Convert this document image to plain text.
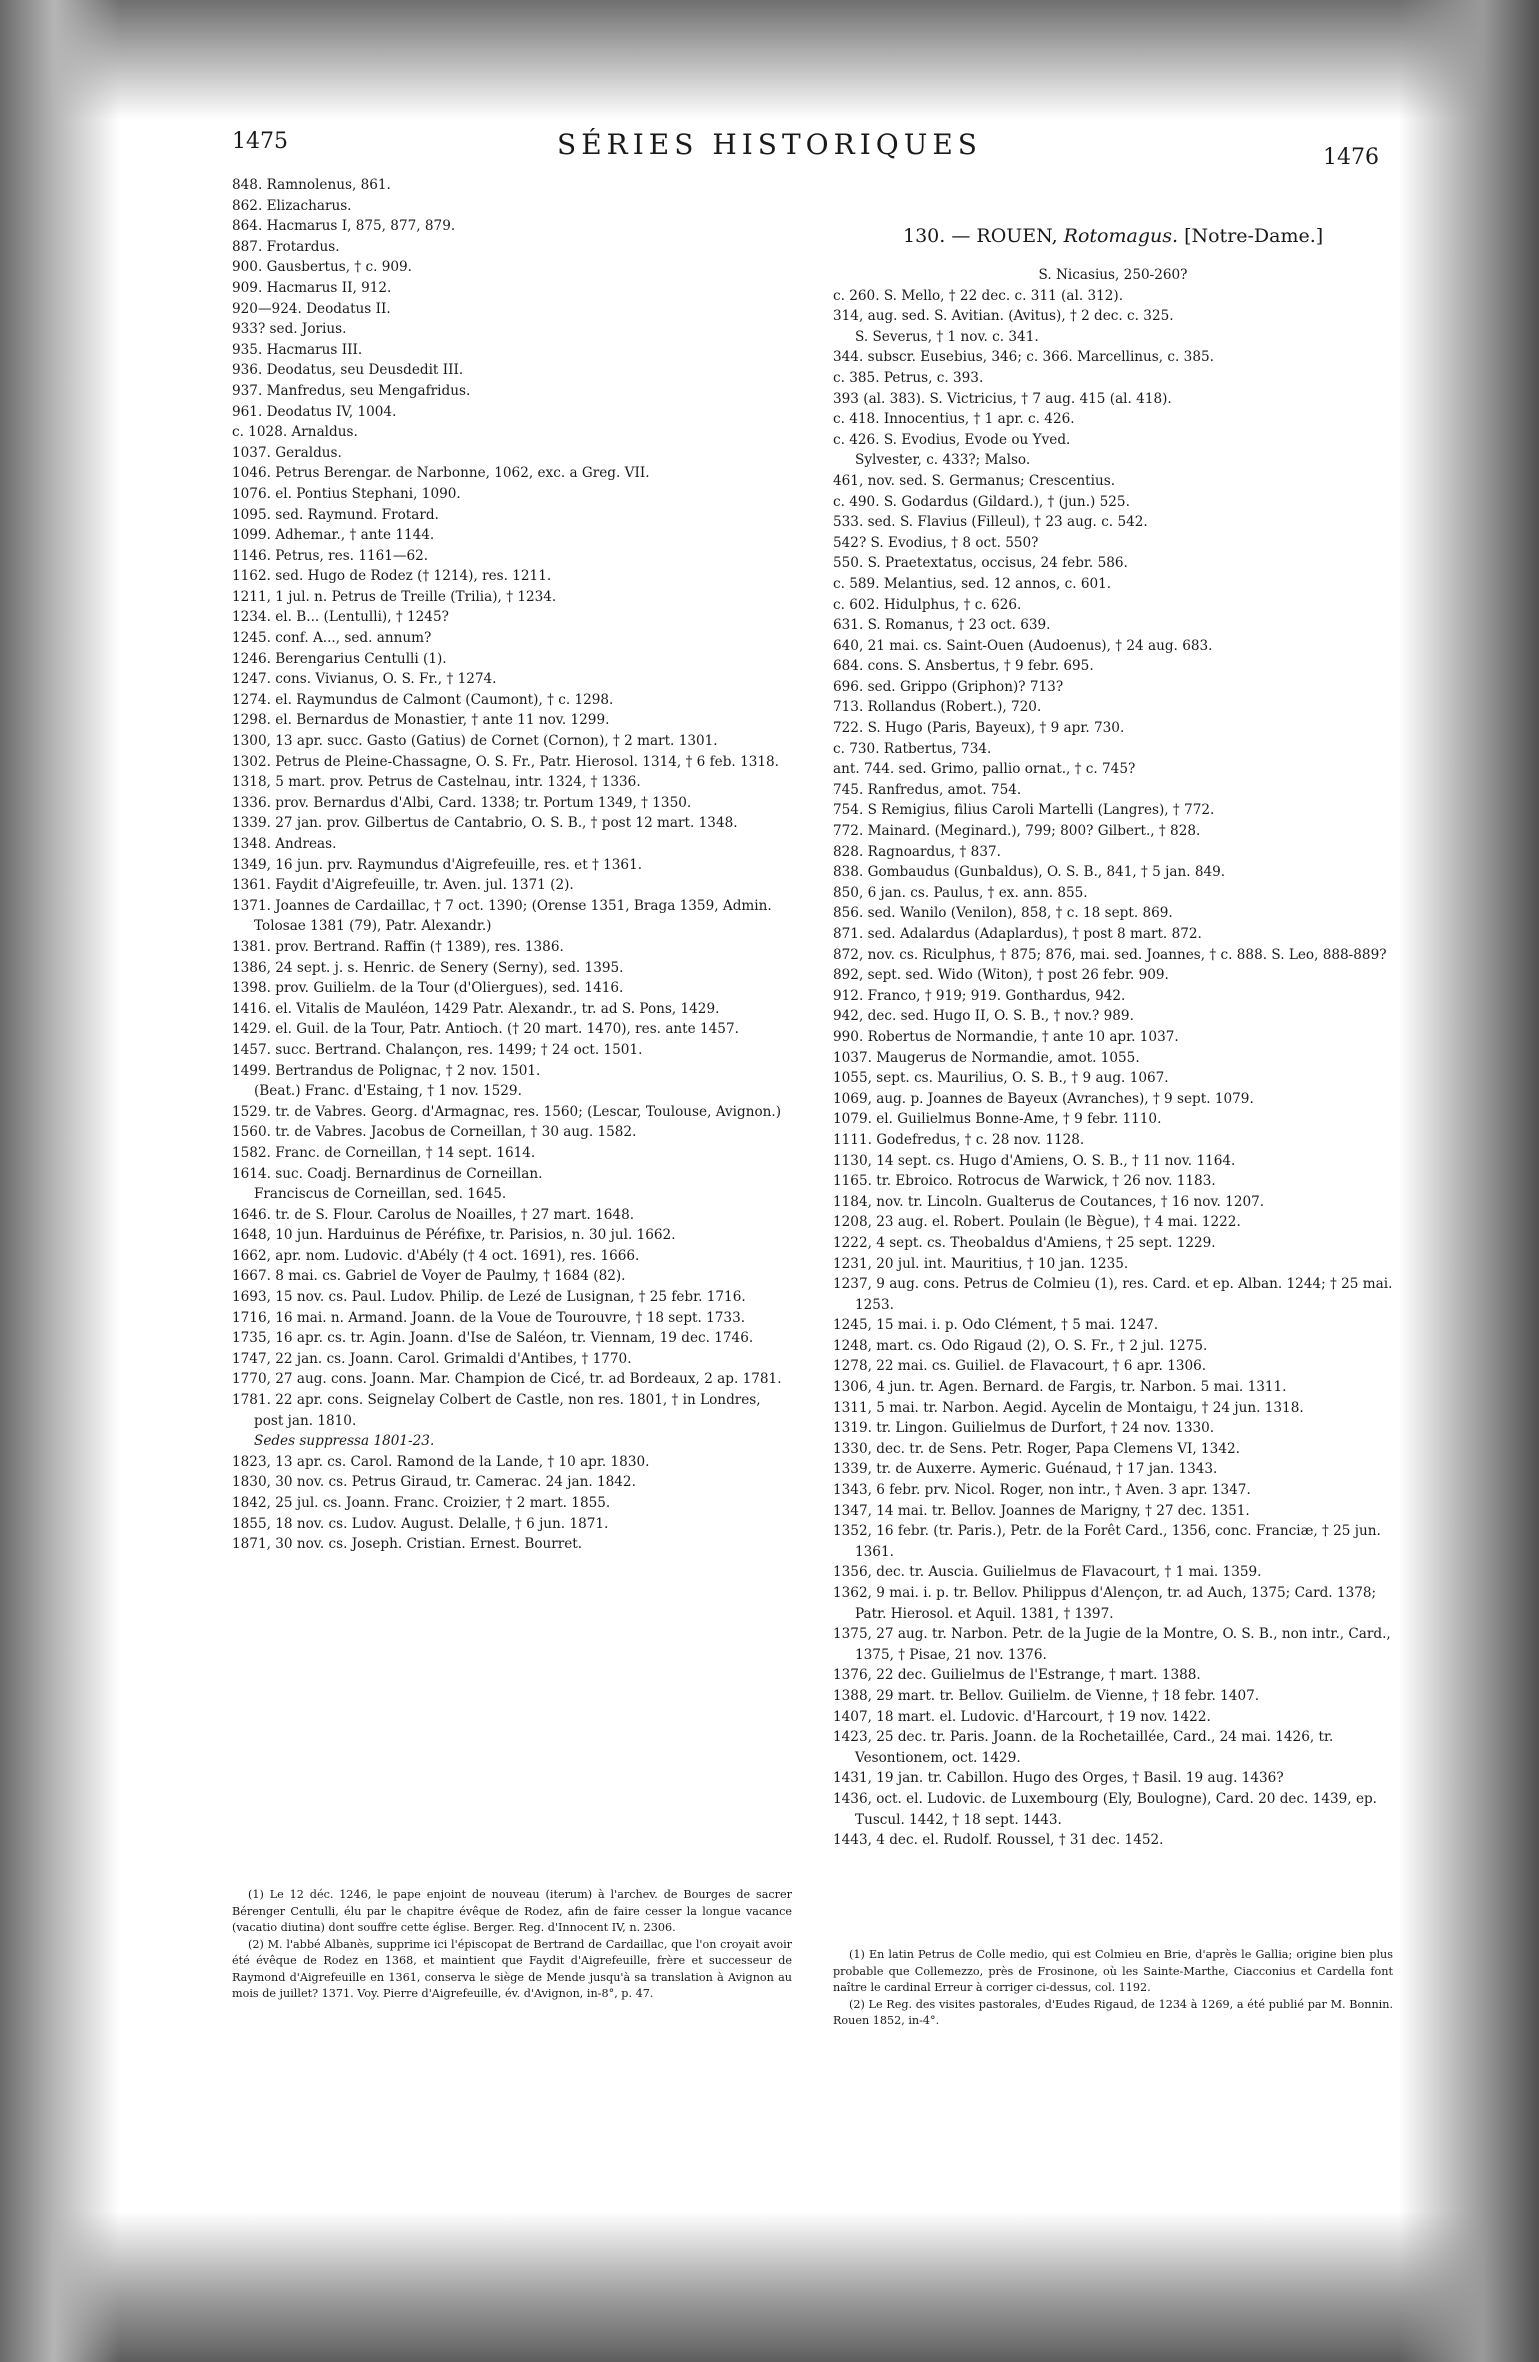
1475	SÉRIES HISTORIQUES	1476
848. Ramnolenus, 861.
862. Elizacharus.
864. Hacmarus I, 875, 877, 879.
887. Frotardus.
900. Gausbertus, † c. 909.
909. Hacmarus II, 912.
920—924. Deodatus II.
933? sed. Jorius.
935. Hacmarus III.
936. Deodatus, seu Deusdedit III.
937. Manfredus, seu Mengafridus.
961. Deodatus IV, 1004.
c. 1028. Arnaldus.
1037. Geraldus.
1046. Petrus Berengar. de Narbonne, 1062, exc. a Greg. VII.
1076. el. Pontius Stephani, 1090.
1095. sed. Raymund. Frotard.
1099. Adhemar., † ante 1144.
1146. Petrus, res. 1161—62.
1162. sed. Hugo de Rodez († 1214), res. 1211.
1211, 1 jul. n. Petrus de Treille (Trilia), † 1234.
1234. el. B... (Lentulli), † 1245?
1245. conf. A..., sed. annum?
1246. Berengarius Centulli (1).
1247. cons. Vivianus, O. S. Fr., † 1274.
1274. el. Raymundus de Calmont (Caumont), † c. 1298.
1298. el. Bernardus de Monastier, † ante 11 nov. 1299.
1300, 13 apr. succ. Gasto (Gatius) de Cornet (Cornon), † 2 mart. 1301.
1302. Petrus de Pleine-Chassagne, O. S. Fr., Patr. Hierosol. 1314, † 6 feb. 1318.
1318, 5 mart. prov. Petrus de Castelnau, intr. 1324, † 1336.
1336. prov. Bernardus d'Albi, Card. 1338; tr. Portum 1349, † 1350.
1339. 27 jan. prov. Gilbertus de Cantabrio, O. S. B., † post 12 mart. 1348.
1348. Andreas.
1349, 16 jun. prv. Raymundus d'Aigrefeuille, res. et † 1361.
1361. Faydit d'Aigrefeuille, tr. Aven. jul. 1371 (2).
1371. Joannes de Cardaillac, † 7 oct. 1390; (Orense 1351, Braga 1359, Admin. Tolosae 1381 (79), Patr. Alexandr.)
1381. prov. Bertrand. Raffin († 1389), res. 1386.
1386, 24 sept. j. s. Henric. de Senery (Serny), sed. 1395.
1398. prov. Guilielm. de la Tour (d'Oliergues), sed. 1416.
1416. el. Vitalis de Mauléon, 1429 Patr. Alexandr., tr. ad S. Pons, 1429.
1429. el. Guil. de la Tour, Patr. Antioch. († 20 mart. 1470), res. ante 1457.
1457. succ. Bertrand. Chalançon, res. 1499; † 24 oct. 1501.
1499. Bertrandus de Polignac, † 2 nov. 1501.
(Beat.) Franc. d'Estaing, † 1 nov. 1529.
1529. tr. de Vabres. Georg. d'Armagnac, res. 1560; (Lescar, Toulouse, Avignon.)
1560. tr. de Vabres. Jacobus de Corneillan, † 30 aug. 1582.
1582. Franc. de Corneillan, † 14 sept. 1614.
1614. suc. Coadj. Bernardinus de Corneillan.
Franciscus de Corneillan, sed. 1645.
1646. tr. de S. Flour. Carolus de Noailles, † 27 mart. 1648.
1648, 10 jun. Harduinus de Péréfixe, tr. Parisios, n. 30 jul. 1662.
1662, apr. nom. Ludovic. d'Abély († 4 oct. 1691), res. 1666.
1667. 8 mai. cs. Gabriel de Voyer de Paulmy, † 1684 (82).
1693, 15 nov. cs. Paul. Ludov. Philip. de Lezé de Lusignan, † 25 febr. 1716.
1716, 16 mai. n. Armand. Joann. de la Voue de Tourouvre, † 18 sept. 1733.
1735, 16 apr. cs. tr. Agin. Joann. d'Ise de Saléon, tr. Viennam, 19 dec. 1746.
1747, 22 jan. cs. Joann. Carol. Grimaldi d'Antibes, † 1770.
1770, 27 aug. cons. Joann. Mar. Champion de Cicé, tr. ad Bordeaux, 2 ap. 1781.
1781. 22 apr. cons. Seignelay Colbert de Castle, non res. 1801, † in Londres, post jan. 1810.
Sedes suppressa 1801-23.
1823, 13 apr. cs. Carol. Ramond de la Lande, † 10 apr. 1830.
1830, 30 nov. cs. Petrus Giraud, tr. Camerac. 24 jan. 1842.
1842, 25 jul. cs. Joann. Franc. Croizier, † 2 mart. 1855.
1855, 18 nov. cs. Ludov. August. Delalle, † 6 jun. 1871.
1871, 30 nov. cs. Joseph. Cristian. Ernest. Bourret.
130. — ROUEN, Rotomagus. [Notre-Dame.]
S. Nicasius, 250-260?
c. 260. S. Mello, † 22 dec. c. 311 (al. 312).
314, aug. sed. S. Avitian. (Avitus), † 2 dec. c. 325.
S. Severus, † 1 nov. c. 341.
344. subscr. Eusebius, 346; c. 366. Marcellinus, c. 385.
c. 385. Petrus, c. 393.
393 (al. 383). S. Victricius, † 7 aug. 415 (al. 418).
c. 418. Innocentius, † 1 apr. c. 426.
c. 426. S. Evodius, Evode ou Yved.
Sylvester, c. 433?; Malso.
461, nov. sed. S. Germanus; Crescentius.
c. 490. S. Godardus (Gildard.), † (jun.) 525.
533. sed. S. Flavius (Filleul), † 23 aug. c. 542.
542? S. Evodius, † 8 oct. 550?
550. S. Praetextatus, occisus, 24 febr. 586.
c. 589. Melantius, sed. 12 annos, c. 601.
c. 602. Hidulphus, † c. 626.
631. S. Romanus, † 23 oct. 639.
640, 21 mai. cs. Saint-Ouen (Audoenus), † 24 aug. 683.
684. cons. S. Ansbertus, † 9 febr. 695.
696. sed. Grippo (Griphon)? 713?
713. Rollandus (Robert.), 720.
722. S. Hugo (Paris, Bayeux), † 9 apr. 730.
c. 730. Ratbertus, 734.
ant. 744. sed. Grimo, pallio ornat., † c. 745?
745. Ranfredus, amot. 754.
754. S Remigius, filius Caroli Martelli (Langres), † 772.
772. Mainard. (Meginard.), 799; 800? Gilbert., † 828.
828. Ragnoardus, † 837.
838. Gombaudus (Gunbaldus), O. S. B., 841, † 5 jan. 849.
850, 6 jan. cs. Paulus, † ex. ann. 855.
856. sed. Wanilo (Venilon), 858, † c. 18 sept. 869.
871. sed. Adalardus (Adaplardus), † post 8 mart. 872.
872, nov. cs. Riculphus, † 875; 876, mai. sed. Joannes, † c. 888. S. Leo, 888-889?
892, sept. sed. Wido (Witon), † post 26 febr. 909.
912. Franco, † 919; 919. Gonthardus, 942.
942, dec. sed. Hugo II, O. S. B., † nov.? 989.
990. Robertus de Normandie, † ante 10 apr. 1037.
1037. Maugerus de Normandie, amot. 1055.
1055, sept. cs. Maurilius, O. S. B., † 9 aug. 1067.
1069, aug. p. Joannes de Bayeux (Avranches), † 9 sept. 1079.
1079. el. Guilielmus Bonne-Ame, † 9 febr. 1110.
1111. Godefredus, † c. 28 nov. 1128.
1130, 14 sept. cs. Hugo d'Amiens, O. S. B., † 11 nov. 1164.
1165. tr. Ebroico. Rotrocus de Warwick, † 26 nov. 1183.
1184, nov. tr. Lincoln. Gualterus de Coutances, † 16 nov. 1207.
1208, 23 aug. el. Robert. Poulain (le Bègue), † 4 mai. 1222.
1222, 4 sept. cs. Theobaldus d'Amiens, † 25 sept. 1229.
1231, 20 jul. int. Mauritius, † 10 jan. 1235.
1237, 9 aug. cons. Petrus de Colmieu (1), res. Card. et ep. Alban. 1244; † 25 mai. 1253.
1245, 15 mai. i. p. Odo Clément, † 5 mai. 1247.
1248, mart. cs. Odo Rigaud (2), O. S. Fr., † 2 jul. 1275.
1278, 22 mai. cs. Guiliel. de Flavacourt, † 6 apr. 1306.
1306, 4 jun. tr. Agen. Bernard. de Fargis, tr. Narbon. 5 mai. 1311.
1311, 5 mai. tr. Narbon. Aegid. Aycelin de Montaigu, † 24 jun. 1318.
1319. tr. Lingon. Guilielmus de Durfort, † 24 nov. 1330.
1330, dec. tr. de Sens. Petr. Roger, Papa Clemens VI, 1342.
1339, tr. de Auxerre. Aymeric. Guénaud, † 17 jan. 1343.
1343, 6 febr. prv. Nicol. Roger, non intr., † Aven. 3 apr. 1347.
1347, 14 mai. tr. Bellov. Joannes de Marigny, † 27 dec. 1351.
1352, 16 febr. (tr. Paris.), Petr. de la Forêt Card., 1356, conc. Franciæ, † 25 jun. 1361.
1356, dec. tr. Auscia. Guilielmus de Flavacourt, † 1 mai. 1359.
1362, 9 mai. i. p. tr. Bellov. Philippus d'Alençon, tr. ad Auch, 1375; Card. 1378; Patr. Hierosol. et Aquil. 1381, † 1397.
1375, 27 aug. tr. Narbon. Petr. de la Jugie de la Montre, O. S. B., non intr., Card., 1375, † Pisae, 21 nov. 1376.
1376, 22 dec. Guilielmus de l'Estrange, † mart. 1388.
1388, 29 mart. tr. Bellov. Guilielm. de Vienne, † 18 febr. 1407.
1407, 18 mart. el. Ludovic. d'Harcourt, † 19 nov. 1422.
1423, 25 dec. tr. Paris. Joann. de la Rochetaillée, Card., 24 mai. 1426, tr. Vesontionem, oct. 1429.
1431, 19 jan. tr. Cabillon. Hugo des Orges, † Basil. 19 aug. 1436?
1436, oct. el. Ludovic. de Luxembourg (Ely, Boulogne), Card. 20 dec. 1439, ep. Tuscul. 1442, † 18 sept. 1443.
1443, 4 dec. el. Rudolf. Roussel, † 31 dec. 1452.

(1) Le 12 déc. 1246, le pape enjoint de nouveau (iterum) à l'archev. de Bourges de sacrer Bérenger Centulli, élu par le chapitre évêque de Rodez, afin de faire cesser la longue vacance (vacatio diutina) dont souffre cette église. Berger. Reg. d'Innocent IV, n. 2306.

(2) M. l'abbé Albanès, supprime ici l'épiscopat de Bertrand de Cardaillac, que l'on croyait avoir été évêque de Rodez en 1368, et maintient que Faydit d'Aigrefeuille, frère et successeur de Raymond d'Aigrefeuille en 1361, conserva le siège de Mende jusqu'à sa translation à Avignon au mois de juillet? 1371. Voy. Pierre d'Aigrefeuille, év. d'Avignon, in-8°, p. 47.

(1) En latin Petrus de Colle medio, qui est Colmieu en Brie, d'après le Gallia; origine bien plus probable que Collemezzo, près de Frosinone, où les Sainte-Marthe, Ciacconius et Cardella font naître le cardinal Erreur à corriger ci-dessus, col. 1192.

(2) Le Reg. des visites pastorales, d'Eudes Rigaud, de 1234 à 1269, a été publié par M. Bonnin. Rouen 1852, in-4°.
